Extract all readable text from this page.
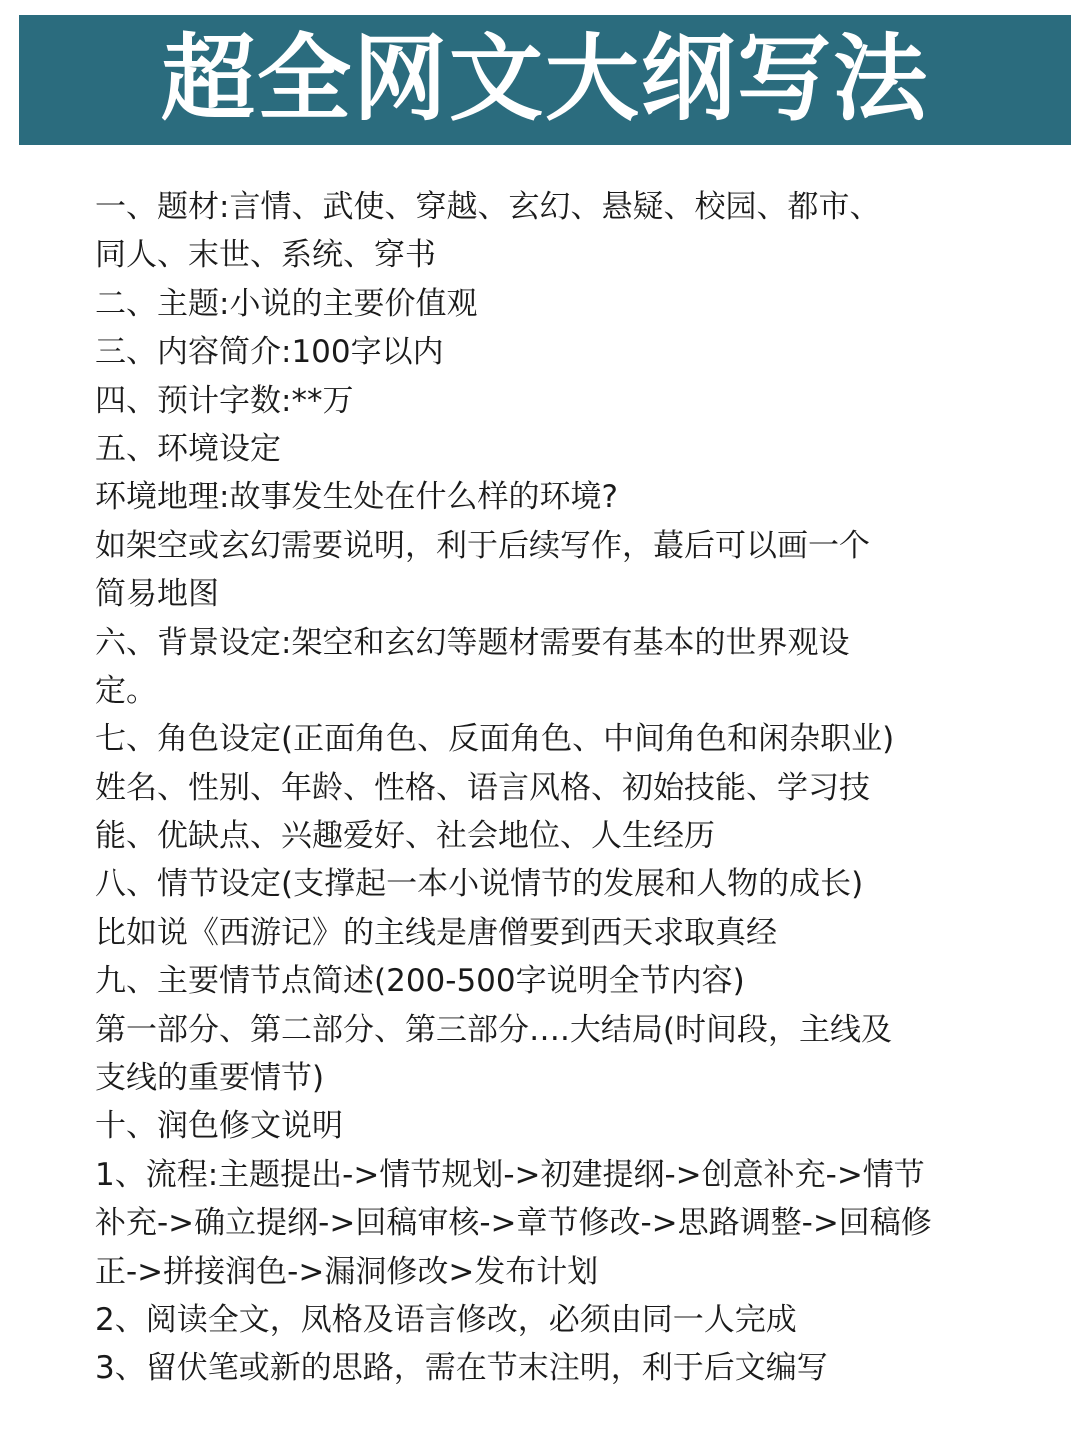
超全网文大纲写法
一、题材:言情、武使、穿越、玄幻、悬疑、校园、都市、
同人、末世、系统、穿书
二、主题:小说的主要价值观
三、内容简介:100字以内
四、预计字数:**万
五、环境设定
环境地理:故事发生处在什么样的环境?
如架空或玄幻需要说明，利于后续写作，蕞后可以画一个
简易地图
六、背景设定:架空和玄幻等题材需要有基本的世界观设
定。
七、角色设定(正面角色、反面角色、中间角色和闲杂职业)
姓名、性别、年龄、性格、语言风格、初始技能、学习技
能、优缺点、兴趣爱好、社会地位、人生经历
八、情节设定(支撑起一本小说情节的发展和人物的成长)
比如说《西游记》的主线是唐僧要到西天求取真经
九、主要情节点简述(200-500字说明全节内容)
第一部分、第二部分、第三部分….大结局(时间段，主线及
支线的重要情节)
十、润色修文说明
1、流程:主题提出->情节规划->初建提纲->创意补充->情节
补充->确立提纲->回稿审核->章节修改->思路调整->回稿修
正->拼接润色->漏洞修改>发布计划
2、阅读全文，凤格及语言修改，必须由同一人完成
3、留伏笔或新的思路，需在节末注明，利于后文编写
